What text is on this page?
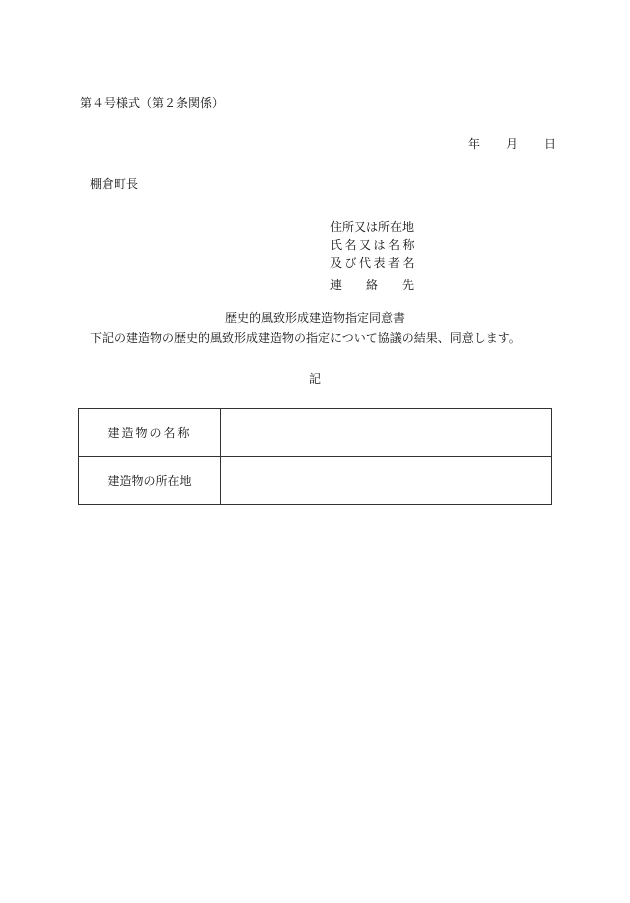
第４号様式（第２条関係）
年	月	日
棚倉町長
住所又は所在地
氏名又は名称
及び代表者名
連 絡 先
歴史的風致形成建造物指定同意書
下記の建造物の歴史的風致形成建造物の指定について協議の結果、同意します。
記
建造物の名称	
建造物の所在地	
